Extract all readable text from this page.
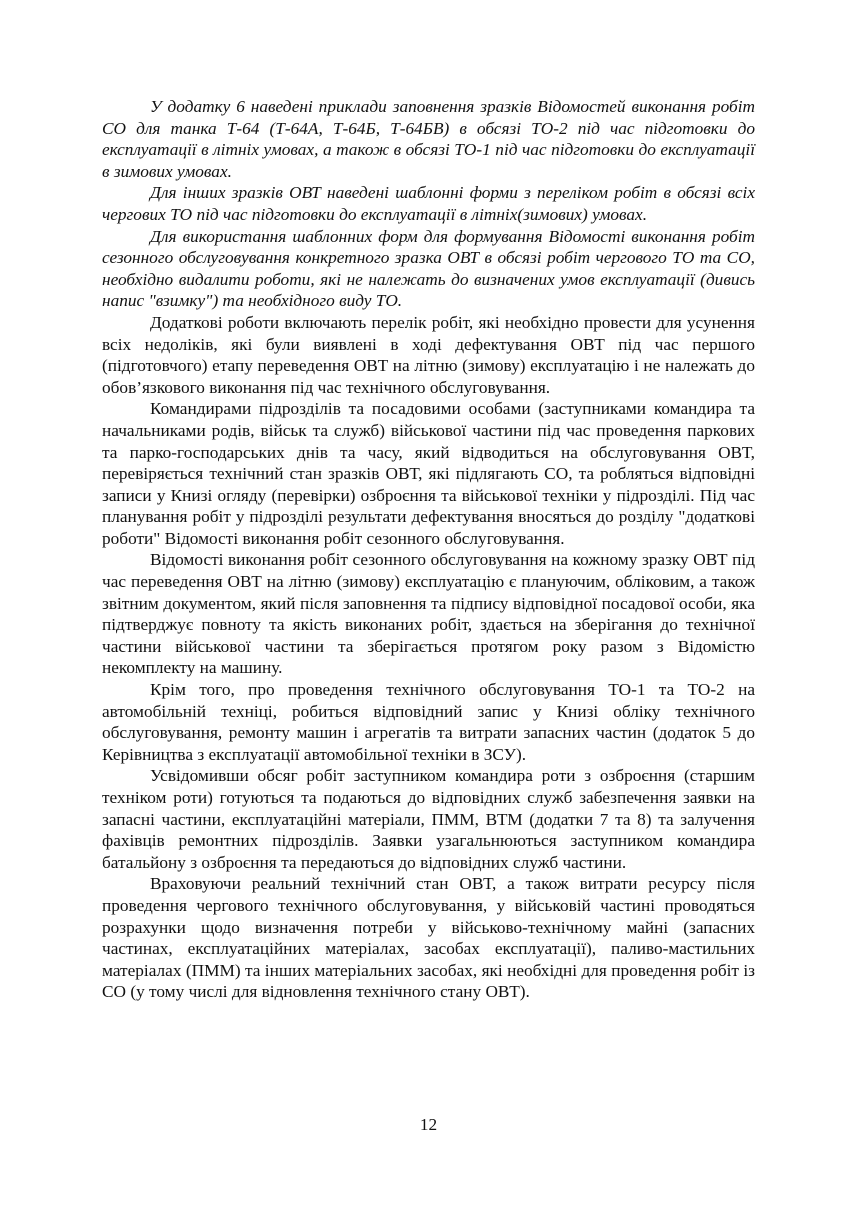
У додатку 6 наведені приклади заповнення зразків Відомостей виконання робіт СО для танка Т-64 (Т-64А, Т-64Б, Т-64БВ) в обсязі ТО-2 під час підготовки до експлуатації в літніх умовах, а також в обсязі ТО-1 під час підготовки до експлуатації в зимових умовах.

Для інших зразків ОВТ наведені шаблонні форми з переліком робіт в обсязі всіх чергових ТО під час підготовки до експлуатації в літніх(зимових) умовах.

Для використання шаблонних форм для формування Відомості виконання робіт сезонного обслуговування конкретного зразка ОВТ в обсязі робіт чергового ТО та СО, необхідно видалити роботи, які не належать до визначених умов експлуатації (дивись напис "взимку") та необхідного виду ТО.

Додаткові роботи включають перелік робіт, які необхідно провести для усунення всіх недоліків, які були виявлені в ході дефектування ОВТ під час першого (підготовчого) етапу переведення ОВТ на літню (зимову) експлуатацію і не належать до обов’язкового виконання під час технічного обслуговування.

Командирами підрозділів та посадовими особами (заступниками командира та начальниками родів, військ та служб) військової частини під час проведення паркових та парко-господарських днів та часу, який відводиться на обслуговування ОВТ, перевіряється технічний стан зразків ОВТ, які підлягають СО, та робляться відповідні записи у Книзі огляду (перевірки) озброєння та військової техніки у підрозділі. Під час планування робіт у підрозділі результати дефектування вносяться до розділу "додаткові роботи" Відомості виконання робіт сезонного обслуговування.

Відомості виконання робіт сезонного обслуговування на кожному зразку ОВТ під час переведення ОВТ на літню (зимову) експлуатацію є плануючим, обліковим, а також звітним документом, який після заповнення та підпису відповідної посадової особи, яка підтверджує повноту та якість виконаних робіт, здається на зберігання до технічної частини військової частини та зберігається протягом року разом з Відомістю некомплекту на машину.

Крім того, про проведення технічного обслуговування ТО-1 та ТО-2 на автомобільній техніці, робиться відповідний запис у Книзі обліку технічного обслуговування, ремонту машин і агрегатів та витрати запасних частин (додаток 5 до Керівництва з експлуатації автомобільної техніки в ЗСУ).

Усвідомивши обсяг робіт заступником командира роти з озброєння (старшим техніком роти) готуються та подаються до відповідних служб забезпечення заявки на запасні частини, експлуатаційні матеріали, ПММ, ВТМ (додатки 7 та 8) та залучення фахівців ремонтних підрозділів. Заявки узагальнюються заступником командира батальйону з озброєння та передаються до відповідних служб частини.

Враховуючи реальний технічний стан ОВТ, а також витрати ресурсу після проведення чергового технічного обслуговування, у військовій частині проводяться розрахунки щодо визначення потреби у військово-технічному майні (запасних частинах, експлуатаційних матеріалах, засобах експлуатації), паливо-мастильних матеріалах (ПММ) та інших матеріальних засобах, які необхідні для проведення робіт із СО (у тому числі для відновлення технічного стану ОВТ).

12
